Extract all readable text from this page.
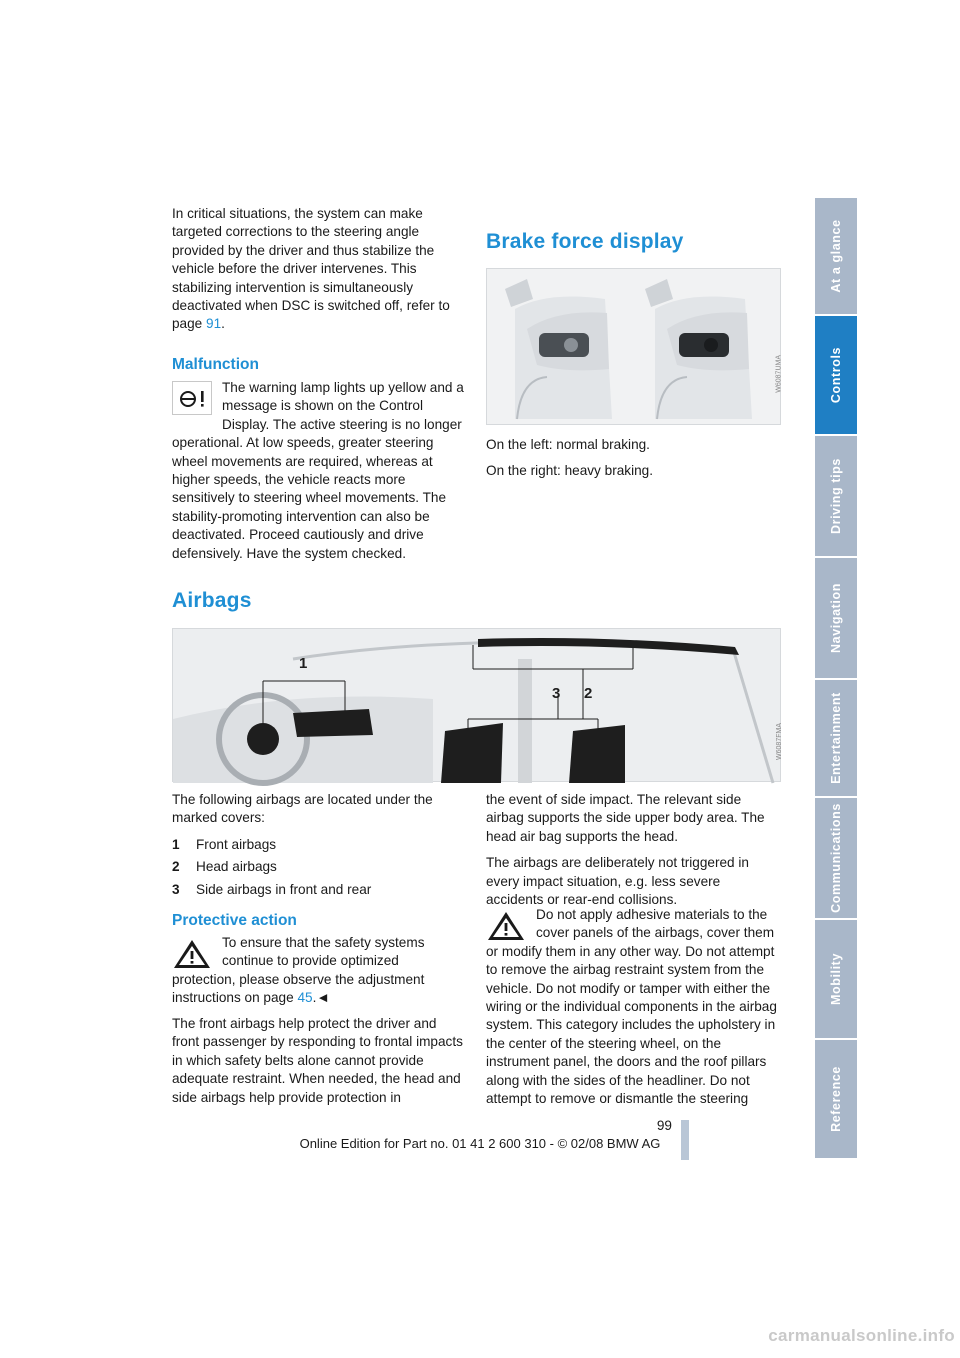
In critical situations, the system can make targeted corrections to the steering angle provided by the driver and thus stabilize the vehicle before the driver intervenes. This stabilizing intervention is simultaneously deactivated when DSC is switched off, refer to page 91.
Malfunction
The warning lamp lights up yellow and a message is shown on the Control Display. The active steering is no longer operational. At low speeds, greater steering wheel movements are required, whereas at higher speeds, the vehicle reacts more sensitively to steering wheel movements. The stability-promoting intervention can also be deactivated. Proceed cautiously and drive defensively. Have the system checked.
Brake force display
W6087UMA

On the left: normal braking.

On the right: heavy braking.

Airbags
1
3 2
W6087FMA

The following airbags are located under the marked covers:

1	Front airbags
2	Head airbags
3	Side airbags in front and rear
Protective action
To ensure that the safety systems continue to provide optimized protection, please observe the adjustment instructions on page 45.◄
The front airbags help protect the driver and front passenger by responding to frontal impacts in which safety belts alone cannot provide adequate restraint. When needed, the head and side airbags help provide protection in

the event of side impact. The relevant side airbag supports the side upper body area. The head air bag supports the head.

The airbags are deliberately not triggered in every impact situation, e.g. less severe accidents or rear-end collisions.

Do not apply adhesive materials to the cover panels of the airbags, cover them or modify them in any other way. Do not attempt to remove the airbag restraint system from the vehicle. Do not modify or tamper with either the wiring or the individual components in the airbag system. This category includes the upholstery in the center of the steering wheel, on the instrument panel, the doors and the roof pillars along with the sides of the headliner. Do not attempt to remove or dismantle the steering
At a glance
Controls
Driving tips
Navigation
Entertainment
Communications
Mobility
Reference
99
Online Edition for Part no. 01 41 2 600 310 - © 02/08 BMW AG
carmanualsonline.info
